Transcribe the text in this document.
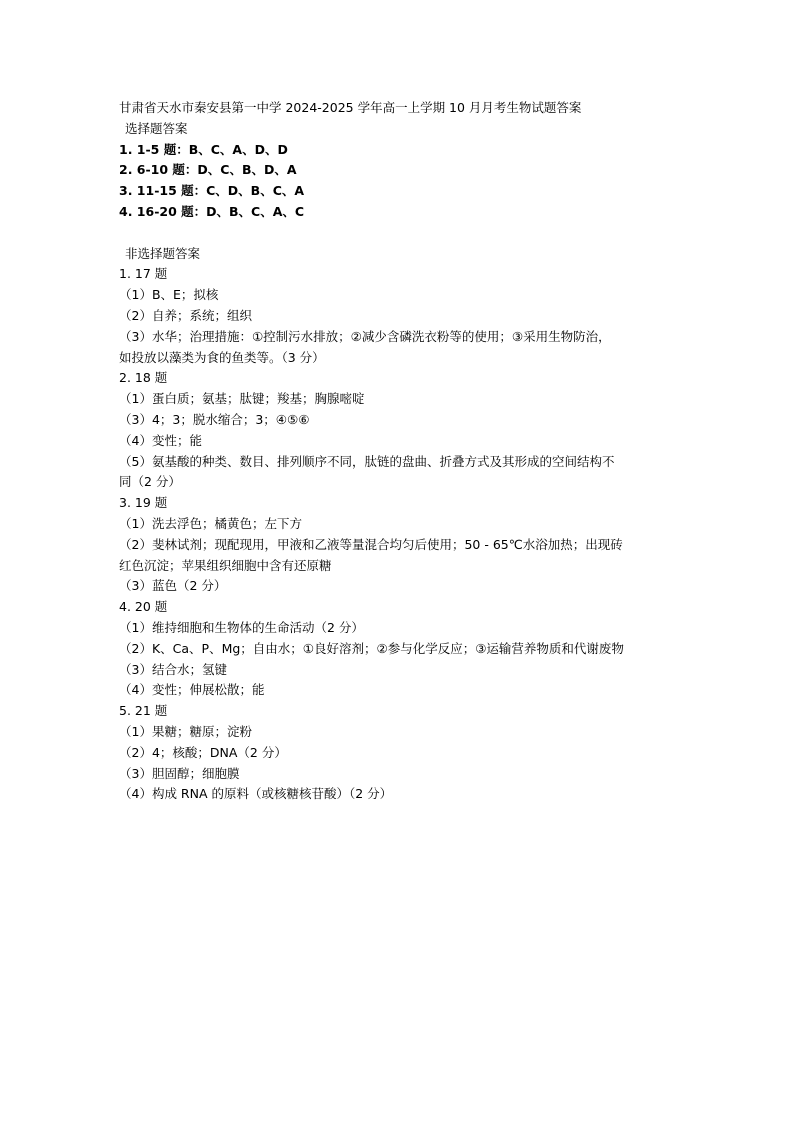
甘肃省天水市秦安县第一中学 2024-2025 学年高一上学期 10 月月考生物试题答案
选择题答案
1. 1-5 题：B、C、A、D、D
2. 6-10 题：D、C、B、D、A
3. 11-15 题：C、D、B、C、A
4. 16-20 题：D、B、C、A、C
非选择题答案
1. 17 题
（1）B、E；拟核
（2）自养；系统；组织
（3）水华；治理措施：①控制污水排放；②减少含磷洗衣粉等的使用；③采用生物防治，
如投放以藻类为食的鱼类等。（3 分）
2. 18 题
（1）蛋白质；氨基；肽键；羧基；胸腺嘧啶
（3）4；3；脱水缩合；3；④⑤⑥
（4）变性；能
（5）氨基酸的种类、数目、排列顺序不同，肽链的盘曲、折叠方式及其形成的空间结构不
同（2 分）
3. 19 题
（1）洗去浮色；橘黄色；左下方
（2）斐林试剂；现配现用，甲液和乙液等量混合均匀后使用；50 - 65℃水浴加热；出现砖
红色沉淀；苹果组织细胞中含有还原糖
（3）蓝色（2 分）
4. 20 题
（1）维持细胞和生物体的生命活动（2 分）
（2）K、Ca、P、Mg；自由水；①良好溶剂；②参与化学反应；③运输营养物质和代谢废物
（3）结合水；氢键
（4）变性；伸展松散；能
5. 21 题
（1）果糖；糖原；淀粉
（2）4；核酸；DNA（2 分）
（3）胆固醇；细胞膜
（4）构成 RNA 的原料（或核糖核苷酸）（2 分）
